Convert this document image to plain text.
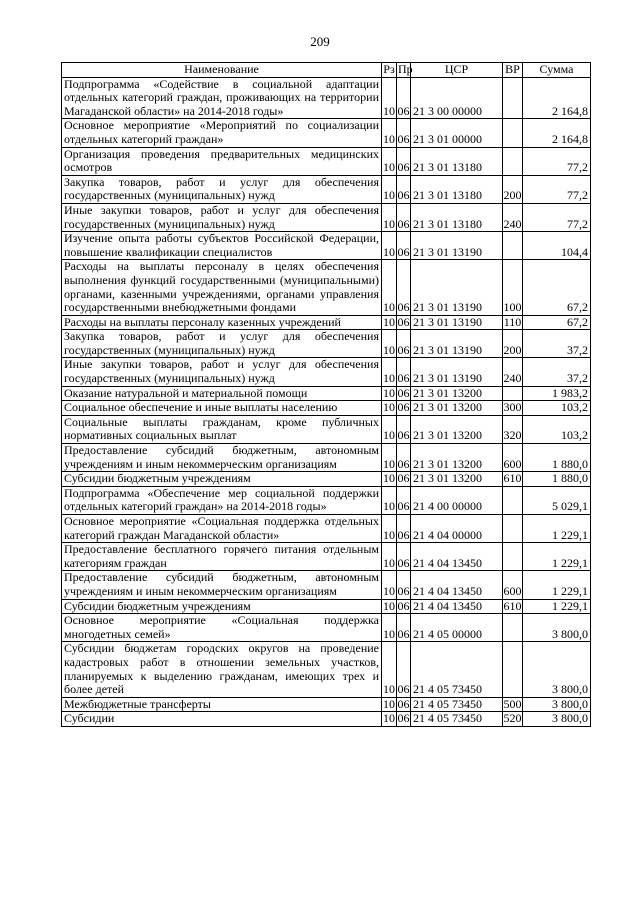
209
Наименование	Рз	Пр	ЦСР	ВР	Сумма
Подпрограмма «Содействие в социальной адаптации отдельных категорий граждан, проживающих на территории Магаданской области» на 2014-2018 годы»	10	06	21 3 00 00000		2 164,8
Основное мероприятие «Мероприятий по социализации отдельных категорий граждан»	10	06	21 3 01 00000		2 164,8
Организация проведения предварительных медицинских осмотров	10	06	21 3 01 13180		77,2
Закупка товаров, работ и услуг для обеспечения государственных (муниципальных) нужд	10	06	21 3 01 13180	200	77,2
Иные закупки товаров, работ и услуг для обеспечения государственных (муниципальных) нужд	10	06	21 3 01 13180	240	77,2
Изучение опыта работы субъектов Российской Федерации, повышение квалификации специалистов	10	06	21 3 01 13190		104,4
Расходы на выплаты персоналу в целях обеспечения выполнения функций государственными (муниципальными) органами, казенными учреждениями, органами управления государственными внебюджетными фондами	10	06	21 3 01 13190	100	67,2
Расходы на выплаты персоналу казенных учреждений	10	06	21 3 01 13190	110	67,2
Закупка товаров, работ и услуг для обеспечения государственных (муниципальных) нужд	10	06	21 3 01 13190	200	37,2
Иные закупки товаров, работ и услуг для обеспечения государственных (муниципальных) нужд	10	06	21 3 01 13190	240	37,2
Оказание натуральной и материальной помощи	10	06	21 3 01 13200		1 983,2
Социальное обеспечение и иные выплаты населению	10	06	21 3 01 13200	300	103,2
Социальные выплаты гражданам, кроме публичных нормативных социальных выплат	10	06	21 3 01 13200	320	103,2
Предоставление субсидий бюджетным, автономным учреждениям и иным некоммерческим организациям	10	06	21 3 01 13200	600	1 880,0
Субсидии бюджетным учреждениям	10	06	21 3 01 13200	610	1 880,0
Подпрограмма «Обеспечение мер социальной поддержки отдельных категорий граждан» на 2014-2018 годы»	10	06	21 4 00 00000		5 029,1
Основное мероприятие «Социальная поддержка отдельных категорий граждан Магаданской области»	10	06	21 4 04 00000		1 229,1
Предоставление бесплатного горячего питания отдельным категориям граждан	10	06	21 4 04 13450		1 229,1
Предоставление субсидий бюджетным, автономным учреждениям и иным некоммерческим организациям	10	06	21 4 04 13450	600	1 229,1
Субсидии бюджетным учреждениям	10	06	21 4 04 13450	610	1 229,1
Основное мероприятие «Социальная поддержка многодетных семей»	10	06	21 4 05 00000		3 800,0
Субсидии бюджетам городских округов на проведение кадастровых работ в отношении земельных участков, планируемых к выделению гражданам, имеющих трех и более детей	10	06	21 4 05 73450		3 800,0
Межбюджетные трансферты	10	06	21 4 05 73450	500	3 800,0
Субсидии	10	06	21 4 05 73450	520	3 800,0
